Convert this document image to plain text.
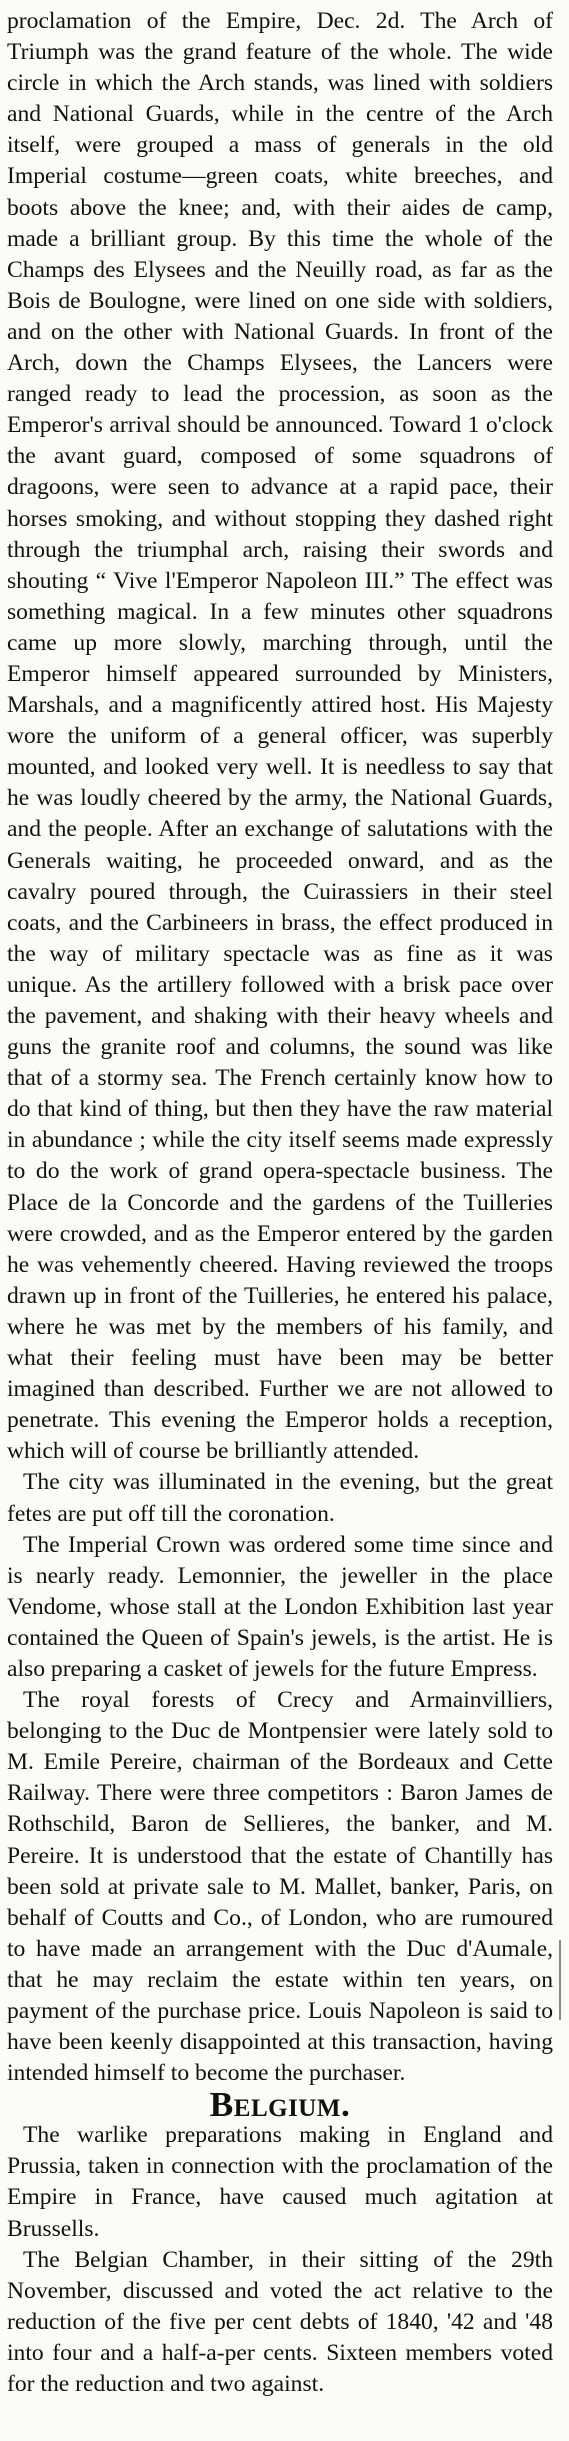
proclamation of the Empire, Dec. 2d. The Arch of Triumph was the grand feature of the whole. The wide circle in which the Arch stands, was lined with soldiers and National Guards, while in the centre of the Arch itself, were grouped a mass of generals in the old Imperial costume—green coats, white breeches, and boots above the knee; and, with their aides de camp, made a brilliant group. By this time the whole of the Champs des Elysees and the Neuilly road, as far as the Bois de Boulogne, were lined on one side with soldiers, and on the other with National Guards. In front of the Arch, down the Champs Elysees, the Lancers were ranged ready to lead the procession, as soon as the Emperor's arrival should be announced. Toward 1 o'clock the avant guard, composed of some squadrons of dragoons, were seen to advance at a rapid pace, their horses smoking, and without stopping they dashed right through the triumphal arch, raising their swords and shouting “ Vive l'Emperor Napoleon III.” The effect was something magical. In a few minutes other squadrons came up more slowly, marching through, until the Emperor himself appeared surrounded by Ministers, Marshals, and a magnificently attired host. His Majesty wore the uniform of a general officer, was superbly mounted, and looked very well. It is needless to say that he was loudly cheered by the army, the National Guards, and the people. After an exchange of salutations with the Generals waiting, he proceeded onward, and as the cavalry poured through, the Cuirassiers in their steel coats, and the Carbineers in brass, the effect produced in the way of military spectacle was as fine as it was unique. As the artillery followed with a brisk pace over the pavement, and shaking with their heavy wheels and guns the granite roof and columns, the sound was like that of a stormy sea. The French certainly know how to do that kind of thing, but then they have the raw material in abundance ; while the city itself seems made expressly to do the work of grand opera-spectacle business. The Place de la Concorde and the gardens of the Tuilleries were crowded, and as the Emperor entered by the garden he was vehemently cheered. Having reviewed the troops drawn up in front of the Tuilleries, he entered his palace, where he was met by the members of his family, and what their feeling must have been may be better imagined than described. Further we are not allowed to penetrate. This evening the Emperor holds a reception, which will of course be brilliantly attended.

The city was illuminated in the evening, but the great fetes are put off till the coronation.

The Imperial Crown was ordered some time since and is nearly ready. Lemonnier, the jeweller in the place Vendome, whose stall at the London Exhibition last year contained the Queen of Spain's jewels, is the artist. He is also preparing a casket of jewels for the future Empress.

The royal forests of Crecy and Armainvilliers, belonging to the Duc de Montpensier were lately sold to M. Emile Pereire, chairman of the Bordeaux and Cette Railway. There were three competitors : Baron James de Rothschild, Baron de Sellieres, the banker, and M. Pereire. It is understood that the estate of Chantilly has been sold at private sale to M. Mallet, banker, Paris, on behalf of Coutts and Co., of London, who are rumoured to have made an arrangement with the Duc d'Aumale, that he may reclaim the estate within ten years, on payment of the purchase price. Louis Napoleon is said to have been keenly disappointed at this transaction, having intended himself to become the purchaser.

Belgium.

The warlike preparations making in England and Prussia, taken in connection with the proclamation of the Empire in France, have caused much agitation at Brussells.

The Belgian Chamber, in their sitting of the 29th November, discussed and voted the act relative to the reduction of the five per cent debts of 1840, '42 and '48 into four and a half-a-per cents. Sixteen members voted for the reduction and two against.
